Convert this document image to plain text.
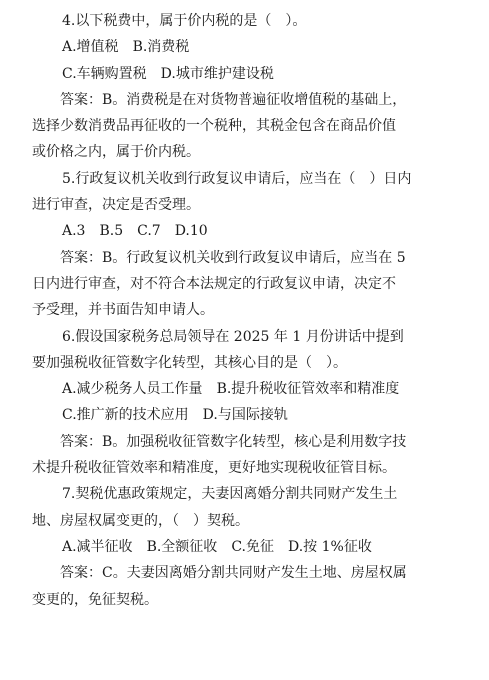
4.以下税费中，属于价内税的是（　）。
A.增值税 B.消费税
C.车辆购置税 D.城市维护建设税
答案：B。消费税是在对货物普遍征收增值税的基础上，
选择少数消费品再征收的一个税种，其税金包含在商品价值
或价格之内，属于价内税。
5.行政复议机关收到行政复议申请后，应当在（　）日内
进行审查，决定是否受理。
A.3 B.5 C.7 D.10
答案：B。行政复议机关收到行政复议申请后，应当在 5
日内进行审查，对不符合本法规定的行政复议申请，决定不
予受理，并书面告知申请人。
6.假设国家税务总局领导在 2025 年 1 月份讲话中提到
要加强税收征管数字化转型，其核心目的是（　）。
A.减少税务人员工作量 B.提升税收征管效率和精准度
C.推广新的技术应用 D.与国际接轨
答案：B。加强税收征管数字化转型，核心是利用数字技
术提升税收征管效率和精准度，更好地实现税收征管目标。
7.契税优惠政策规定，夫妻因离婚分割共同财产发生土
地、房屋权属变更的，（　）契税。
A.减半征收 B.全额征收 C.免征 D.按 1%征收
答案：C。夫妻因离婚分割共同财产发生土地、房屋权属
变更的，免征契税。
